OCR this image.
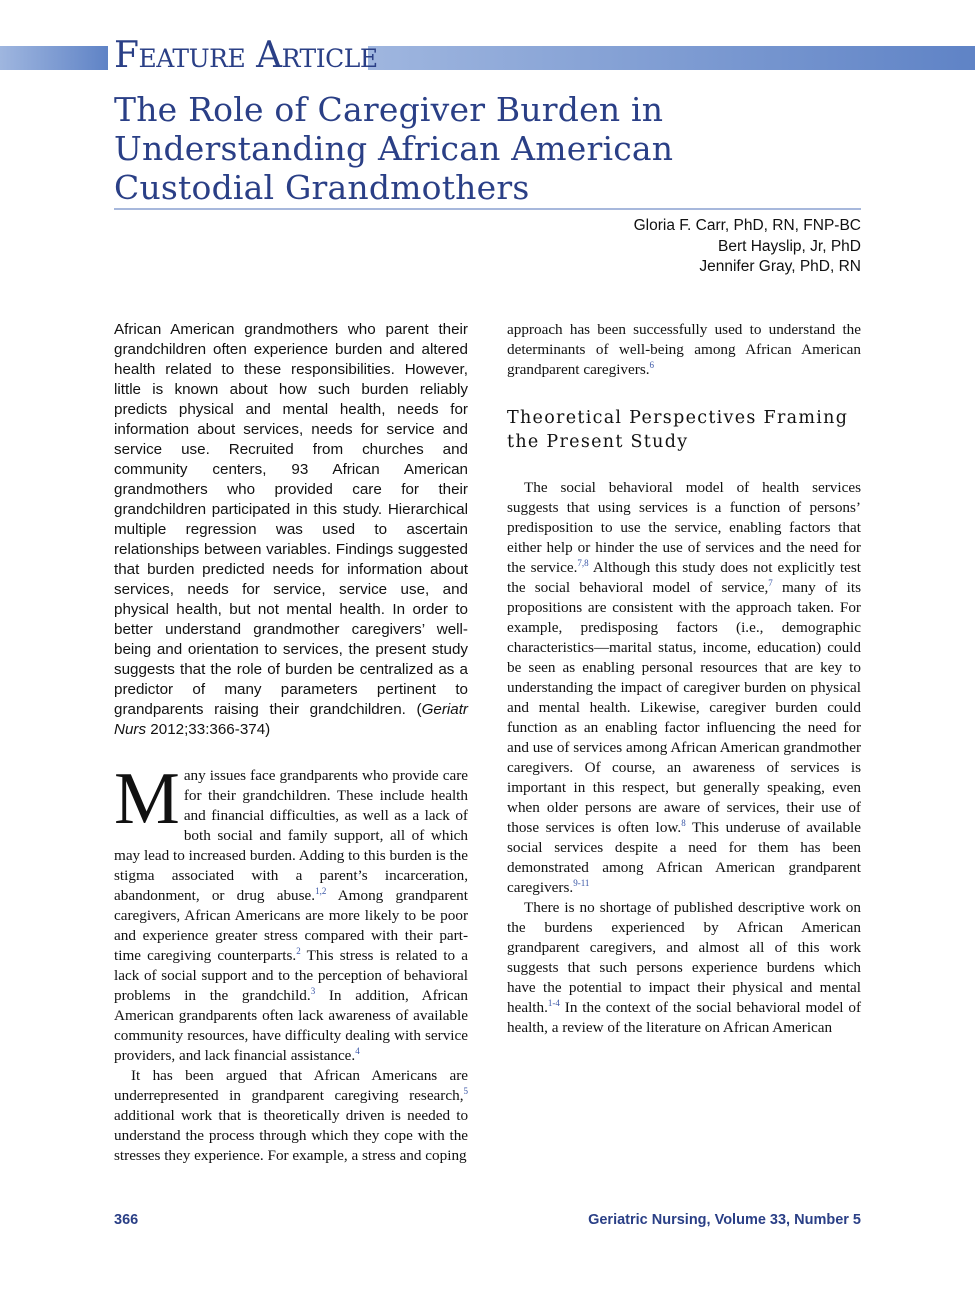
Feature Article
The Role of Caregiver Burden in Understanding African American Custodial Grandmothers
Gloria F. Carr, PhD, RN, FNP-BC
Bert Hayslip, Jr, PhD
Jennifer Gray, PhD, RN

African American grandmothers who parent their grandchildren often experience burden and altered health related to these responsibilities. However, little is known about how such burden reliably predicts physical and mental health, needs for information about services, needs for service and service use. Recruited from churches and community centers, 93 African American grandmothers who provided care for their grandchildren participated in this study. Hierarchical multiple regression was used to ascertain relationships between variables. Findings suggested that burden predicted needs for information about services, needs for service, service use, and physical health, but not mental health. In order to better understand grandmother caregivers’ well-being and orientation to services, the present study suggests that the role of burden be centralized as a predictor of many parameters pertinent to grandparents raising their grandchildren. (Geriatr Nurs 2012;33:366-374)

Many issues face grandparents who provide care for their grandchildren. These include health and financial difficulties, as well as a lack of both social and family support, all of which may lead to increased burden. Adding to this burden is the stigma associated with a parent’s incarceration, abandonment, or drug abuse.$^{1,2}$ Among grandparent caregivers, African Americans are more likely to be poor and experience greater stress compared with their part-time caregiving counterparts.$^2$ This stress is related to a lack of social support and to the perception of behavioral problems in the grandchild.$^3$ In addition, African American grandparents often lack awareness of available community resources, have difficulty dealing with service providers, and lack financial assistance.$^4$

It has been argued that African Americans are underrepresented in grandparent caregiving research,$^5$ additional work that is theoretically driven is needed to understand the process through which they cope with the stresses they experience. For example, a stress and coping

approach has been successfully used to understand the determinants of well-being among African American grandparent caregivers.$^6$

Theoretical Perspectives Framing the Present Study

The social behavioral model of health services suggests that using services is a function of persons’ predisposition to use the service, enabling factors that either help or hinder the use of services and the need for the service.$^{7,8}$ Although this study does not explicitly test the social behavioral model of service,$^7$ many of its propositions are consistent with the approach taken. For example, predisposing factors (i.e., demographic characteristics—marital status, income, education) could be seen as enabling personal resources that are key to understanding the impact of caregiver burden on physical and mental health. Likewise, caregiver burden could function as an enabling factor influencing the need for and use of services among African American grandmother caregivers. Of course, an awareness of services is important in this respect, but generally speaking, even when older persons are aware of services, their use of those services is often low.$^8$ This underuse of available social services despite a need for them has been demonstrated among African American grandparent caregivers.$^{9-11}$

There is no shortage of published descriptive work on the burdens experienced by African American grandparent caregivers, and almost all of this work suggests that such persons experience burdens which have the potential to impact their physical and mental health.$^{1-4}$ In the context of the social behavioral model of health, a review of the literature on African American

366	Geriatric Nursing, Volume 33, Number 5
